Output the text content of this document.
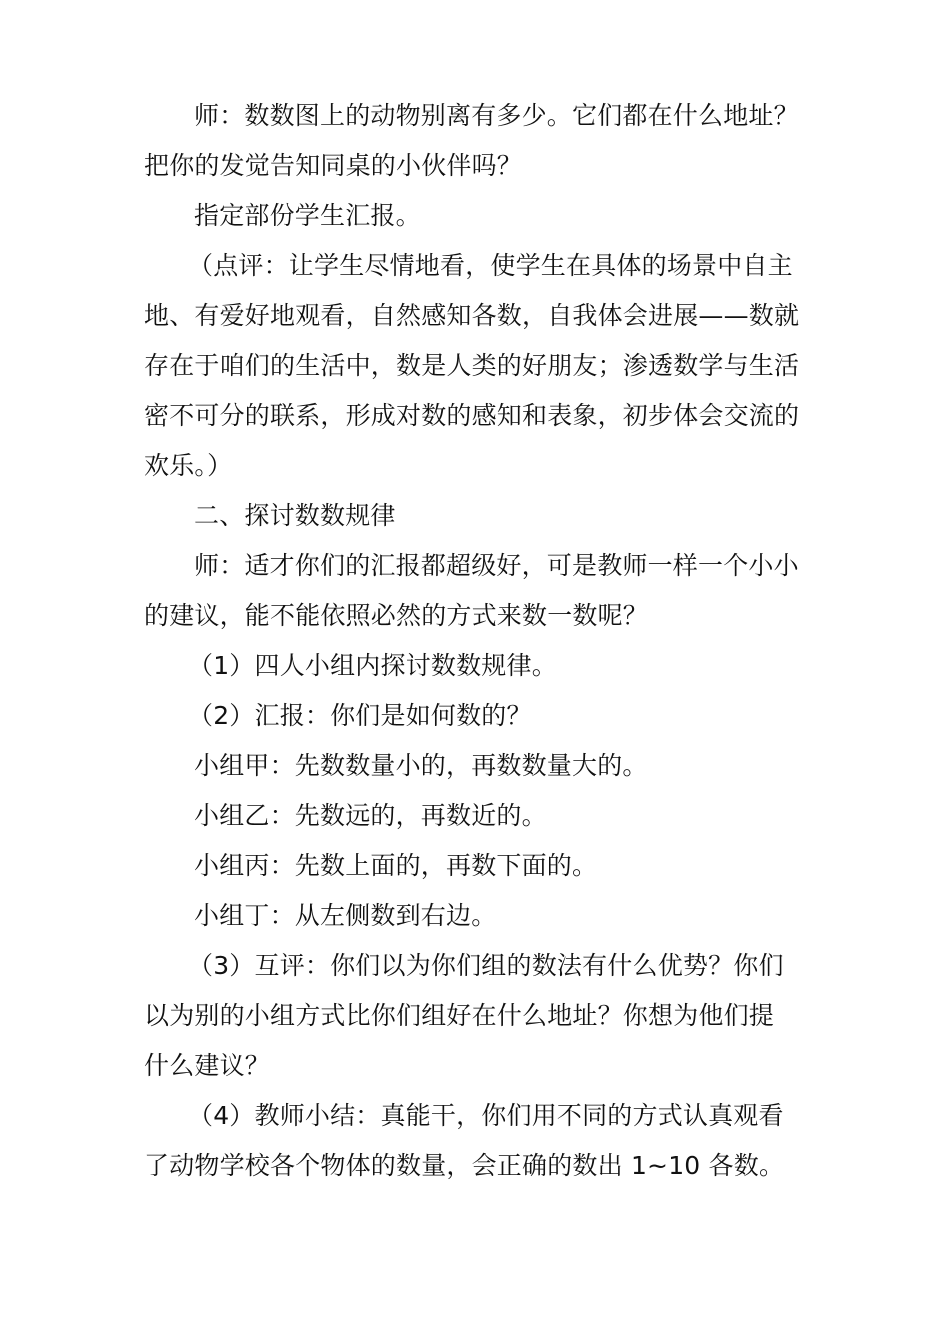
师：数数图上的动物别离有多少。它们都在什么地址？

把你的发觉告知同桌的小伙伴吗？

指定部份学生汇报。

（点评：让学生尽情地看，使学生在具体的场景中自主

地、有爱好地观看，自然感知各数，自我体会进展——数就

存在于咱们的生活中，数是人类的好朋友；渗透数学与生活

密不可分的联系，形成对数的感知和表象，初步体会交流的

欢乐。）

二、探讨数数规律

师：适才你们的汇报都超级好，可是教师一样一个小小

的建议，能不能依照必然的方式来数一数呢？

（1）四人小组内探讨数数规律。

（2）汇报：你们是如何数的？

小组甲：先数数量小的，再数数量大的。

小组乙：先数远的，再数近的。

小组丙：先数上面的，再数下面的。

小组丁：从左侧数到右边。

（3）互评：你们以为你们组的数法有什么优势？你们

以为别的小组方式比你们组好在什么地址？你想为他们提

什么建议？

（4）教师小结：真能干，你们用不同的方式认真观看

了动物学校各个物体的数量，会正确的数出 1~10 各数。
